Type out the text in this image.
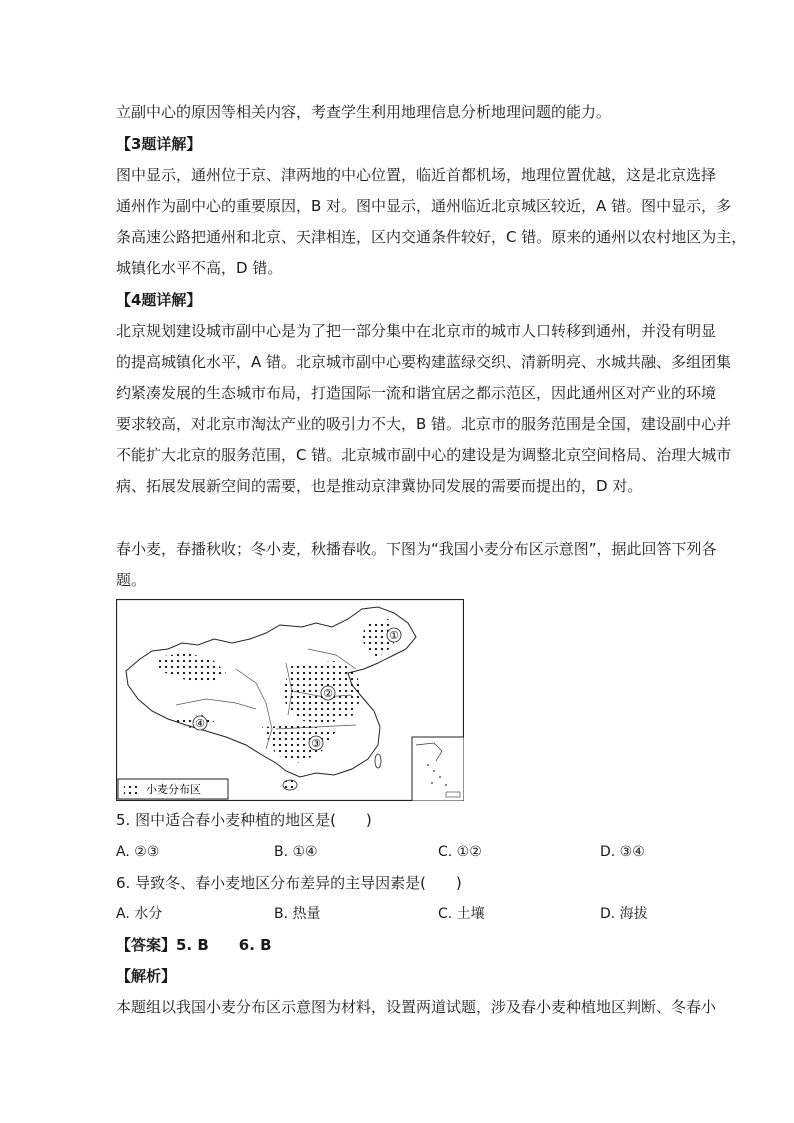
立副中心的原因等相关内容，考查学生利用地理信息分析地理问题的能力。
【3题详解】
图中显示，通州位于京、津两地的中心位置，临近首都机场，地理位置优越，这是北京选择
通州作为副中心的重要原因，B 对。图中显示，通州临近北京城区较近，A 错。图中显示，多
条高速公路把通州和北京、天津相连，区内交通条件较好，C 错。原来的通州以农村地区为主，
城镇化水平不高，D 错。
【4题详解】
北京规划建设城市副中心是为了把一部分集中在北京市的城市人口转移到通州，并没有明显
的提高城镇化水平，A 错。北京城市副中心要构建蓝绿交织、清新明亮、水城共融、多组团集
约紧凑发展的生态城市布局，打造国际一流和谐宜居之都示范区，因此通州区对产业的环境
要求较高，对北京市淘汰产业的吸引力不大，B 错。北京市的服务范围是全国，建设副中心并
不能扩大北京的服务范围，C 错。北京城市副中心的建设是为调整北京空间格局、治理大城市
病、拓展发展新空间的需要，也是推动京津冀协同发展的需要而提出的，D 对。
春小麦，春播秋收；冬小麦，秋播春收。下图为“我国小麦分布区示意图”，据此回答下列各
题。
①
②
③
④
小麦分布区
5. 图中适合春小麦种植的地区是(　　)
A. ②③	B. ①④	C. ①②	D. ③④
6. 导致冬、春小麦地区分布差异的主导因素是(　　)
A. 水分	B. 热量	C. 土壤	D. 海拔
【答案】5. B　　6. B
【解析】
本题组以我国小麦分布区示意图为材料，设置两道试题，涉及春小麦种植地区判断、冬春小
